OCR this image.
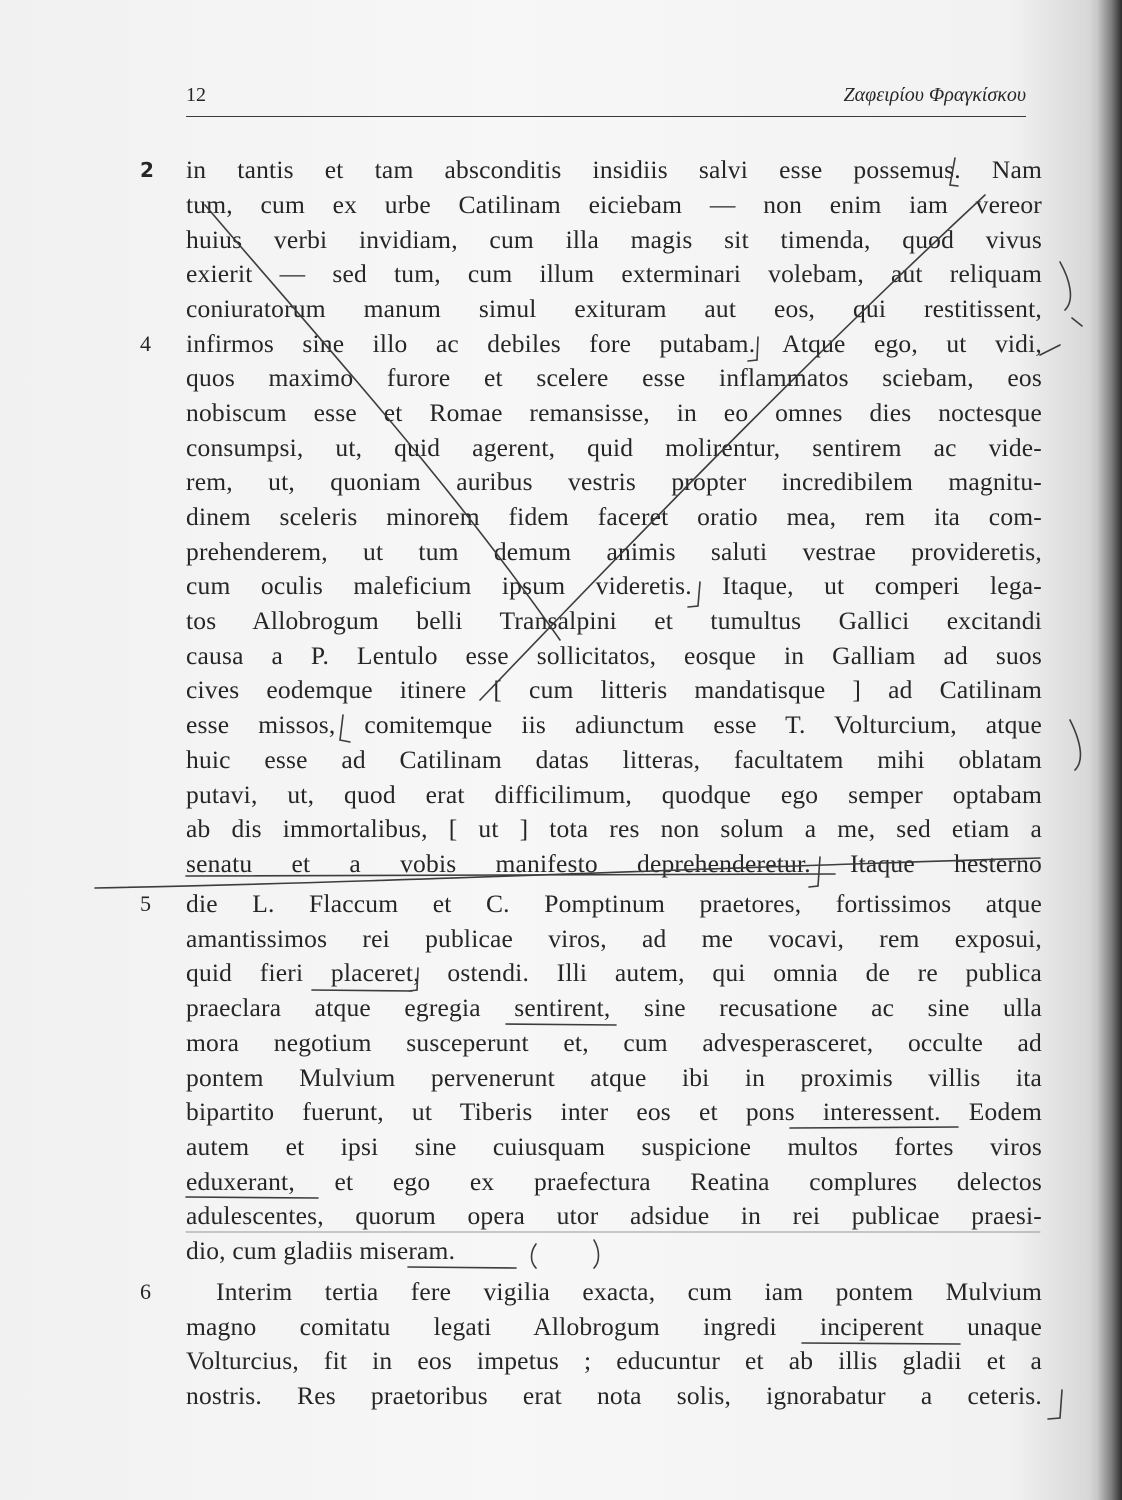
12	Ζαφειρίου Φραγκίσκου
2
4
5
6
in tantis et tam absconditis insidiis salvi esse possemus. Nam
tum, cum ex urbe Catilinam eiciebam — non enim iam vereor
huius verbi invidiam, cum illa magis sit timenda, quod vivus
exierit — sed tum, cum illum exterminari volebam, aut reliquam
coniuratorum manum simul exituram aut eos, qui restitissent,
infirmos sine illo ac debiles fore putabam. Atque ego, ut vidi,
quos maximo furore et scelere esse inflammatos sciebam, eos
nobiscum esse et Romae remansisse, in eo omnes dies noctesque
consumpsi, ut, quid agerent, quid molirentur, sentirem ac vide-
rem, ut, quoniam auribus vestris propter incredibilem magnitu-
dinem sceleris minorem fidem faceret oratio mea, rem ita com-
prehenderem, ut tum demum animis saluti vestrae provideretis,
cum oculis maleficium ipsum videretis. Itaque, ut comperi lega-
tos Allobrogum belli Transalpini et tumultus Gallici excitandi
causa a P. Lentulo esse sollicitatos, eosque in Galliam ad suos
cives eodemque itinere [ cum litteris mandatisque ] ad Catilinam
esse missos, comitemque iis adiunctum esse T. Volturcium, atque
huic esse ad Catilinam datas litteras, facultatem mihi oblatam
putavi, ut, quod erat difficilimum, quodque ego semper optabam
ab dis immortalibus, [ ut ] tota res non solum a me, sed etiam a
senatu et a vobis manifesto deprehenderetur. Itaque hesterno
die L. Flaccum et C. Pomptinum praetores, fortissimos atque
amantissimos rei publicae viros, ad me vocavi, rem exposui,
quid fieri placeret, ostendi. Illi autem, qui omnia de re publica
praeclara atque egregia sentirent, sine recusatione ac sine ulla
mora negotium susceperunt et, cum advesperasceret, occulte ad
pontem Mulvium pervenerunt atque ibi in proximis villis ita
bipartito fuerunt, ut Tiberis inter eos et pons interessent. Eodem
autem et ipsi sine cuiusquam suspicione multos fortes viros
eduxerant, et ego ex praefectura Reatina complures delectos
adulescentes, quorum opera utor adsidue in rei publicae praesi-
dio, cum gladiis miseram.
Interim tertia fere vigilia exacta, cum iam pontem Mulvium
magno comitatu legati Allobrogum ingredi inciperent unaque
Volturcius, fit in eos impetus ; educuntur et ab illis gladii et a
nostris. Res praetoribus erat nota solis, ignorabatur a ceteris.
